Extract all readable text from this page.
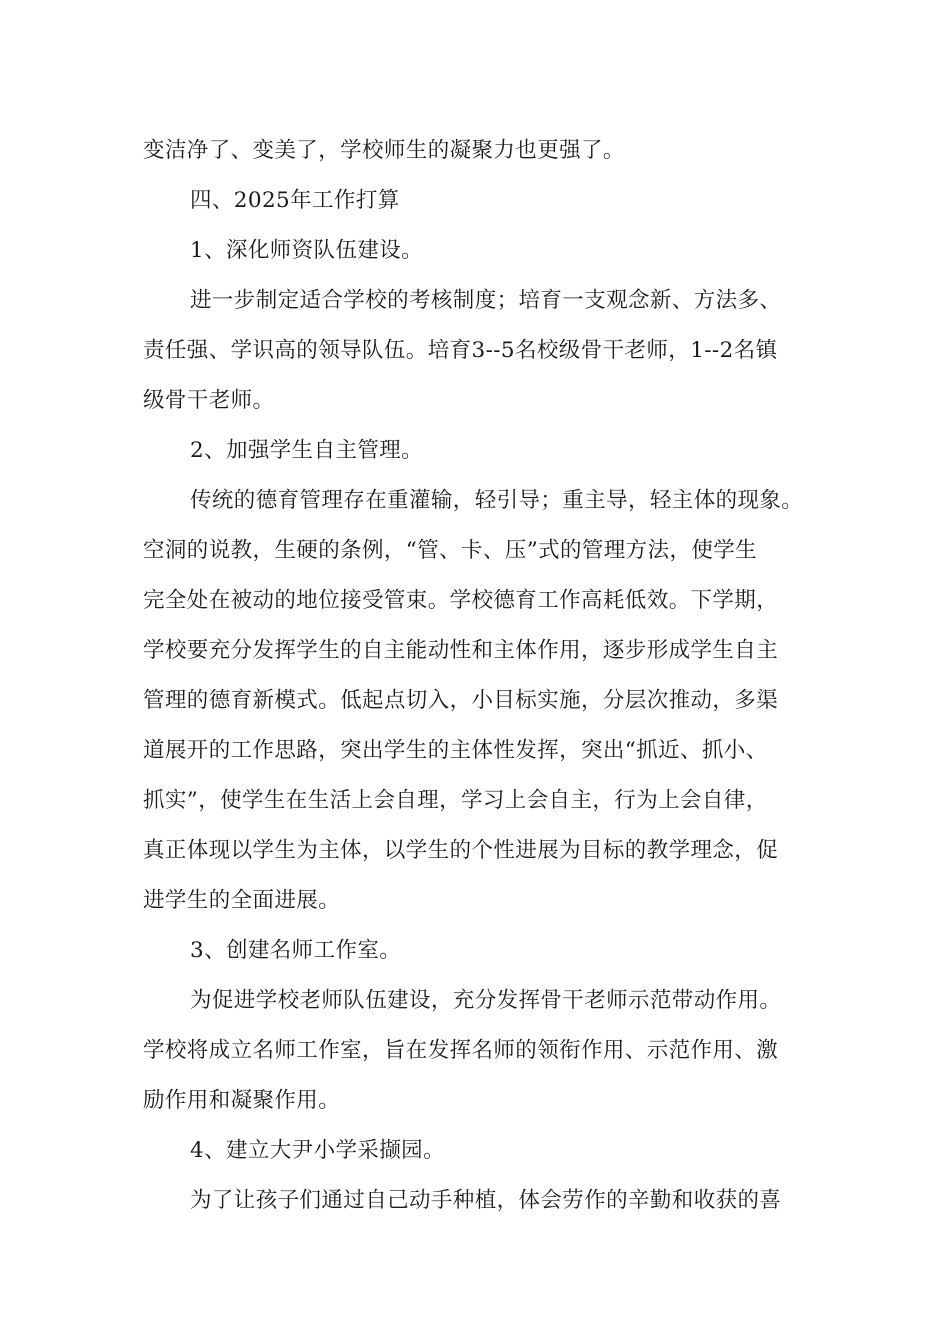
变洁净了、变美了，学校师生的凝聚力也更强了。
四、2025年工作打算
1、深化师资队伍建设。
进一步制定适合学校的考核制度；培育一支观念新、方法多、
责任强、学识高的领导队伍。培育3--5名校级骨干老师，1--2名镇
级骨干老师。
2、加强学生自主管理。
传统的德育管理存在重灌输，轻引导；重主导，轻主体的现象。
空洞的说教，生硬的条例，“管、卡、压”式的管理方法，使学生
完全处在被动的地位接受管束。学校德育工作高耗低效。下学期，
学校要充分发挥学生的自主能动性和主体作用，逐步形成学生自主
管理的德育新模式。低起点切入，小目标实施，分层次推动，多渠
道展开的工作思路，突出学生的主体性发挥，突出“抓近、抓小、
抓实”，使学生在生活上会自理，学习上会自主，行为上会自律，
真正体现以学生为主体，以学生的个性进展为目标的教学理念，促
进学生的全面进展。
3、创建名师工作室。
为促进学校老师队伍建设，充分发挥骨干老师示范带动作用。
学校将成立名师工作室，旨在发挥名师的领衔作用、示范作用、激
励作用和凝聚作用。
4、建立大尹小学采撷园。
为了让孩子们通过自己动手种植，体会劳作的辛勤和收获的喜
